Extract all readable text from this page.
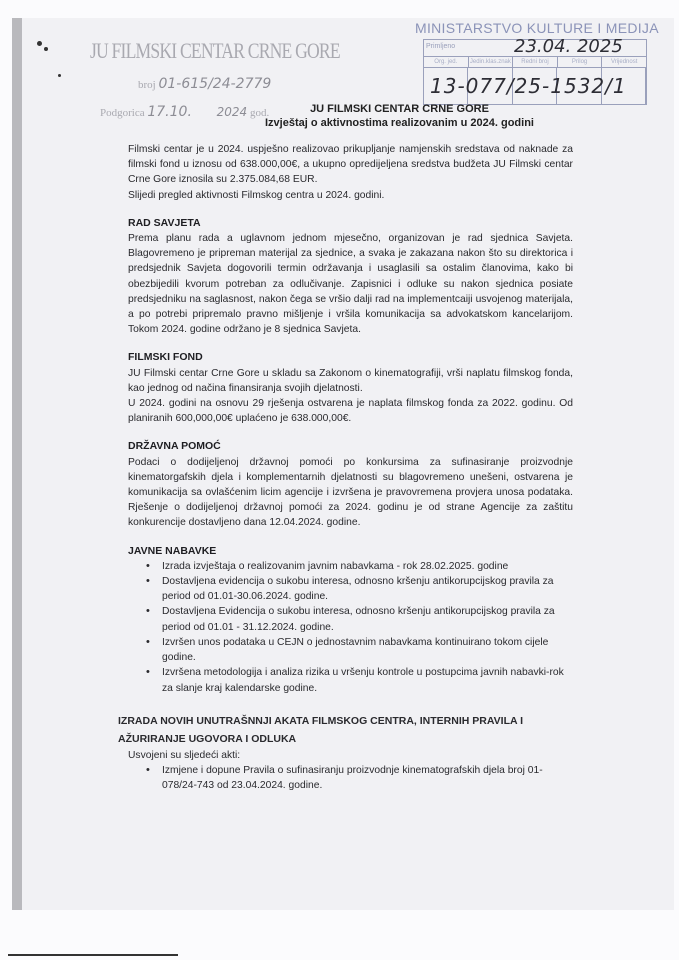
JU FILMSKI CENTAR CRNE GORE
broj 01-615/24-2779
Podgorica 17.10. 2024 god.
MINISTARSTVO KULTURE I MEDIJA
Primljeno	23.04. 2025
Org. jed.	Jedin.klas.znak	Redni broj	Prilog	Vrijednost
13-077/25-1532/1
JU FILMSKI CENTAR CRNE GORE
Izvještaj o aktivnostima realizovanim u 2024. godini

Filmski centar je u 2024. uspješno realizovao prikupljanje namjenskih sredstava od naknade za filmski fond u iznosu od 638.000,00€, a ukupno opredijeljena sredstva budžeta JU Filmski centar Crne Gore iznosila su 2.375.084,68 EUR.

Slijedi pregled aktivnosti Filmskog centra u 2024. godini.

RAD SAVJETA

Prema planu rada a uglavnom jednom mjesečno, organizovan je rad sjednica Savjeta. Blagovremeno je pripreman materijal za sjednice, a svaka je zakazana nakon što su direktorica i predsjednik Savjeta dogovorili termin održavanja i usaglasili sa ostalim članovima, kako bi obezbijedili kvorum potreban za odlučivanje. Zapisnici i odluke su nakon sjednica posiate predsjedniku na saglasnost, nakon čega se vršio dalji rad na implementcaiji usvojenog materijala, a po potrebi pripremalo pravno mišljenje i vršila komunikacija sa advokatskom kancelarijom. Tokom 2024. godine održano je 8 sjednica Savjeta.

FILMSKI FOND

JU Filmski centar Crne Gore u skladu sa Zakonom o kinematografiji, vrši naplatu filmskog fonda, kao jednog od načina finansiranja svojih djelatnosti.

U 2024. godini na osnovu 29 rješenja ostvarena je naplata filmskog fonda za 2022. godinu. Od planiranih 600,000,00€ uplaćeno je 638.000,00€.

DRŽAVNA POMOĆ

Podaci o dodijeljenoj državnoj pomoći po konkursima za sufinasiranje proizvodnje kinematorgafskih djela i komplementarnih djelatnosti su blagovremeno unešeni, ostvarena je komunikacija sa ovlašćenim licim agencije i izvršena je pravovremena provjera unosa podataka. Rješenje o dodijeljenoj državnoj pomoći za 2024. godinu je od strane Agencije za zaštitu konkurencije dostavljeno dana 12.04.2024. godine.

JAVNE NABAVKE
• Izrada izvještaja o realizovanim javnim nabavkama - rok 28.02.2025. godine
• Dostavljena evidencija o sukobu interesa, odnosno kršenju antikorupcijskog pravila za period od 01.01-30.06.2024. godine.
• Dostavljena Evidencija o sukobu interesa, odnosno kršenju antikorupcijskog pravila za period od 01.01 - 31.12.2024. godine.
• Izvršen unos podataka u CEJN o jednostavnim nabavkama kontinuirano tokom cijele godine.
• Izvršena metodologija i analiza rizika u vršenju kontrole u postupcima javnih nabavki-rok za slanje kraj kalendarske godine.
IZRADA NOVIH UNUTRAŠNNJI AKATA FILMSKOG CENTRA, INTERNIH PRAVILA I
AŽURIRANJE UGOVORA I ODLUKA

Usvojeni su sljedeći akti:

• Izmjene i dopune Pravila o sufinasiranju proizvodnje kinematografskih djela broj 01-078/24-743 od 23.04.2024. godine.
